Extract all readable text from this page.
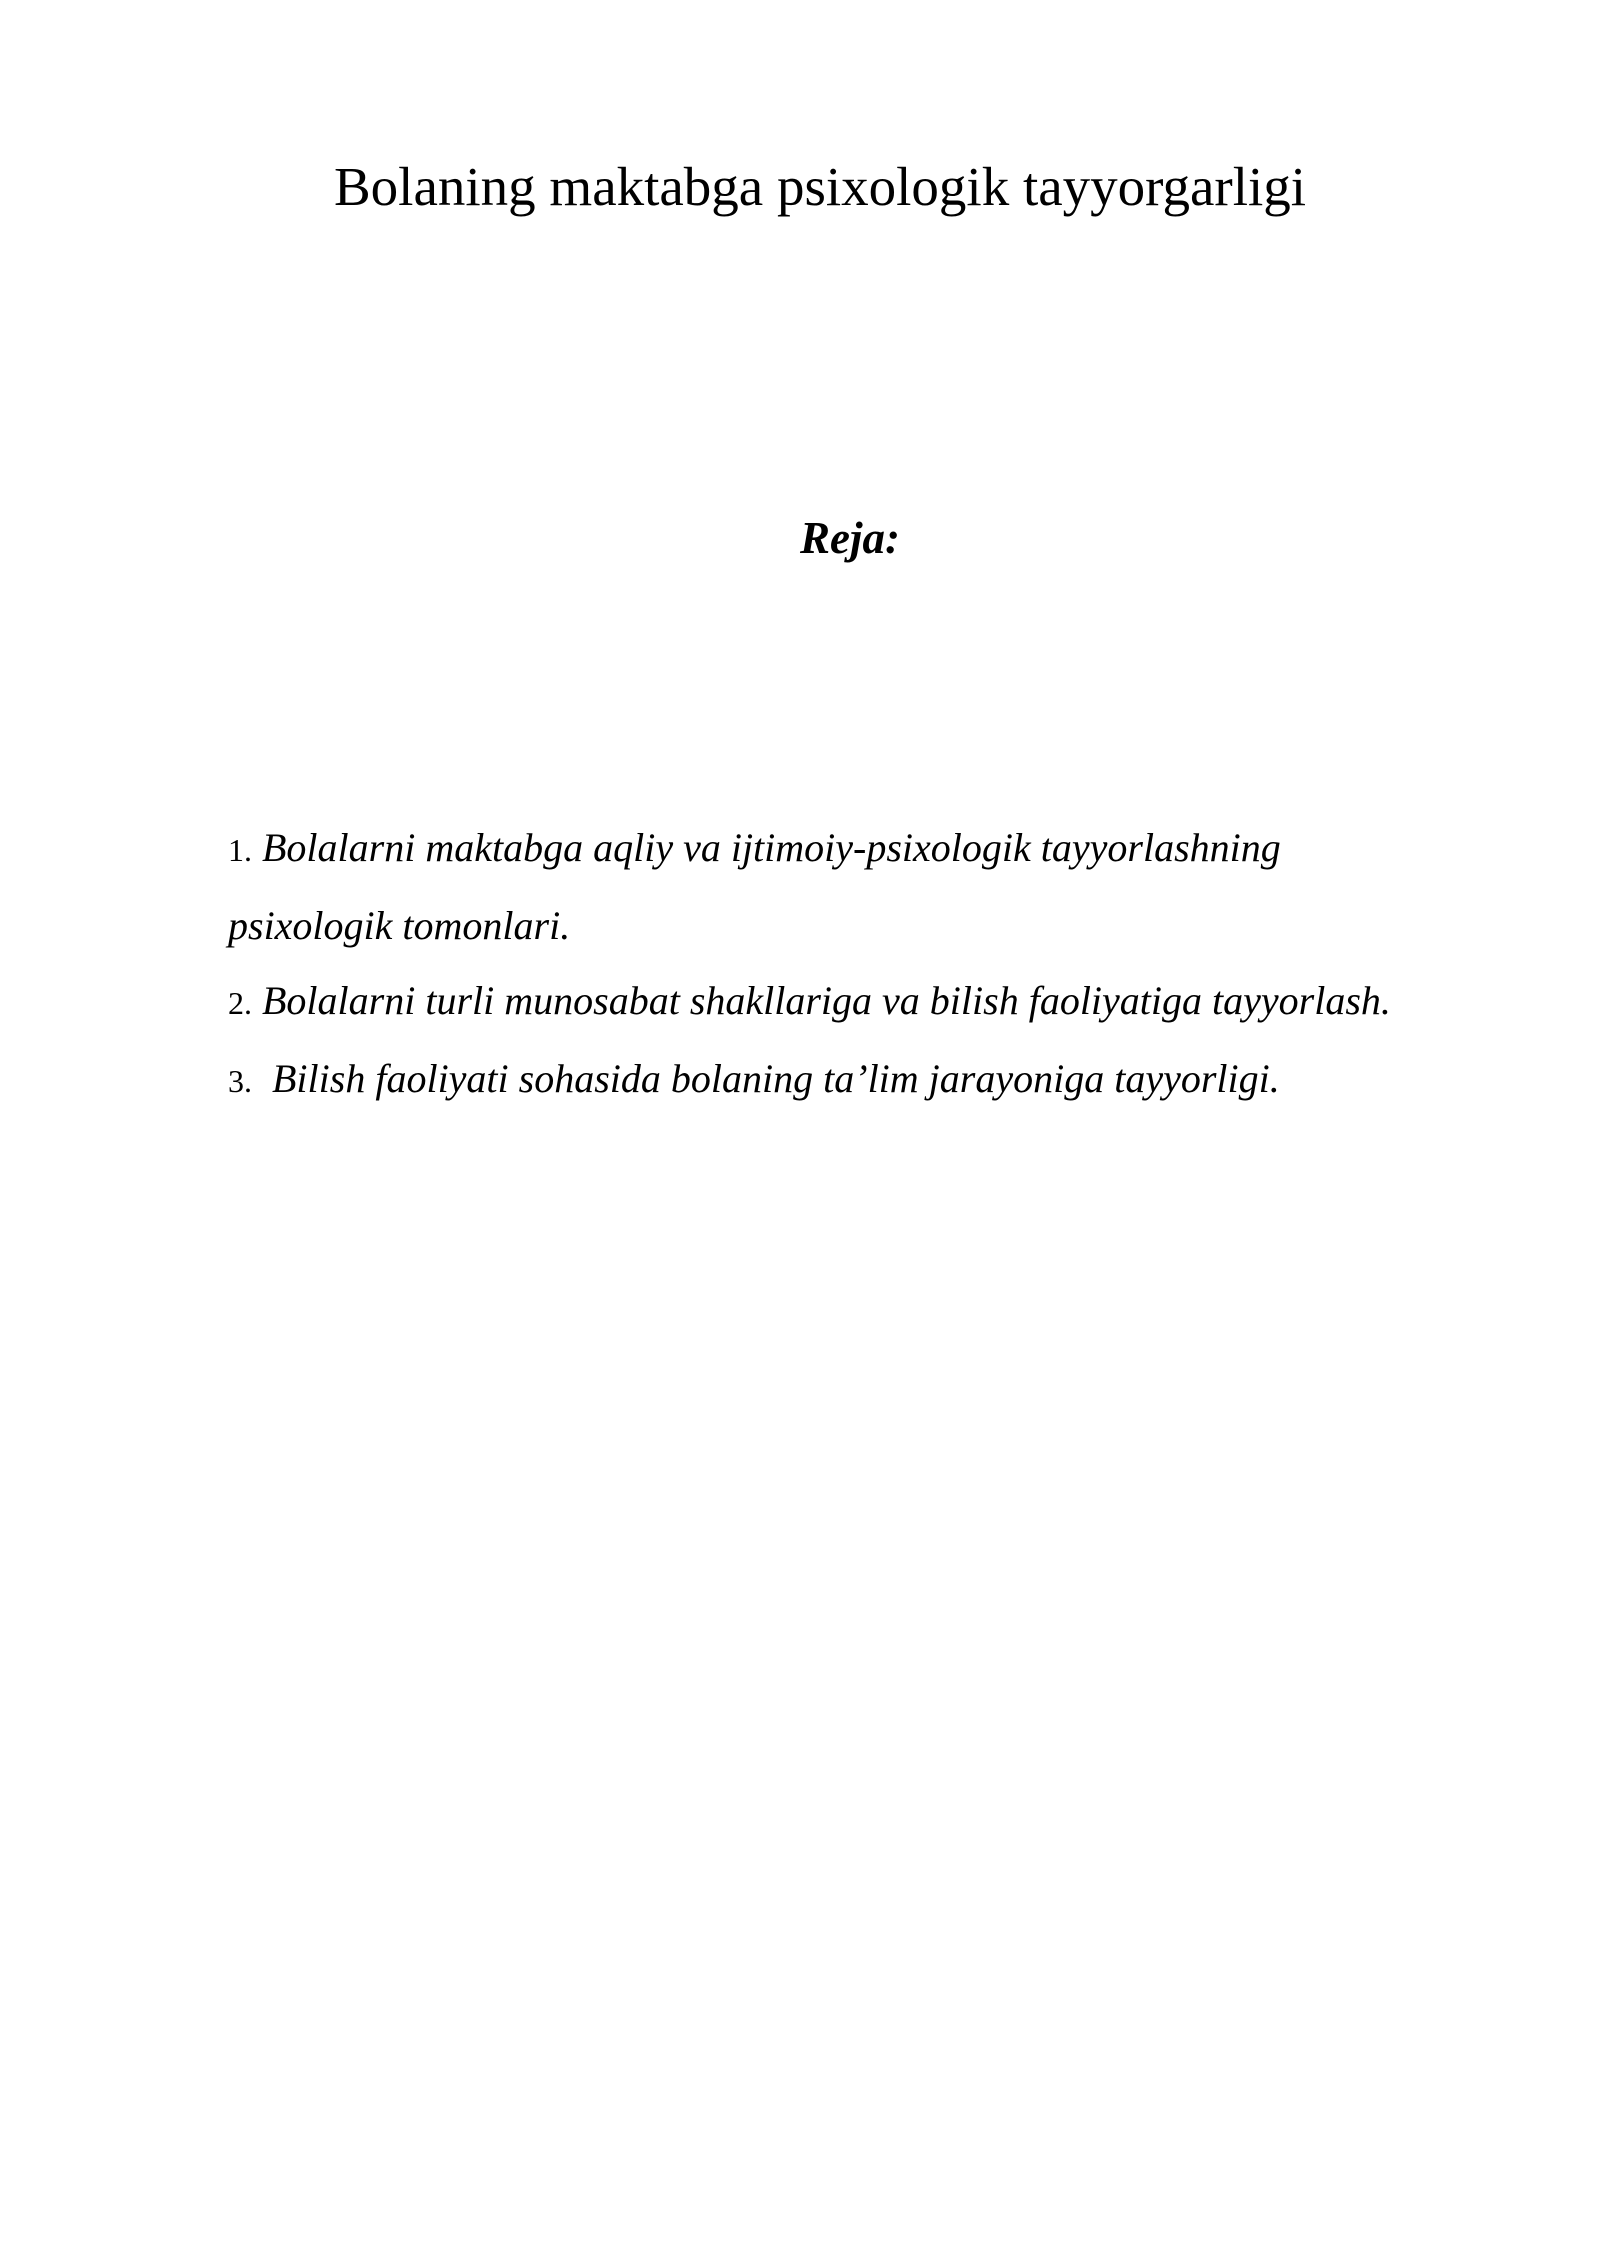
Bolaning maktabga psixologik tayyorgarligi
Reja:
1. Bolalarni maktabga aqliy va ijtimoiy-psixologik tayyorlashning
psixologik tomonlari.
2. Bolalarni turli munosabat shakllariga va bilish faoliyatiga tayyorlash.
3. Bilish faoliyati sohasida bolaning ta’lim jarayoniga tayyorligi.
